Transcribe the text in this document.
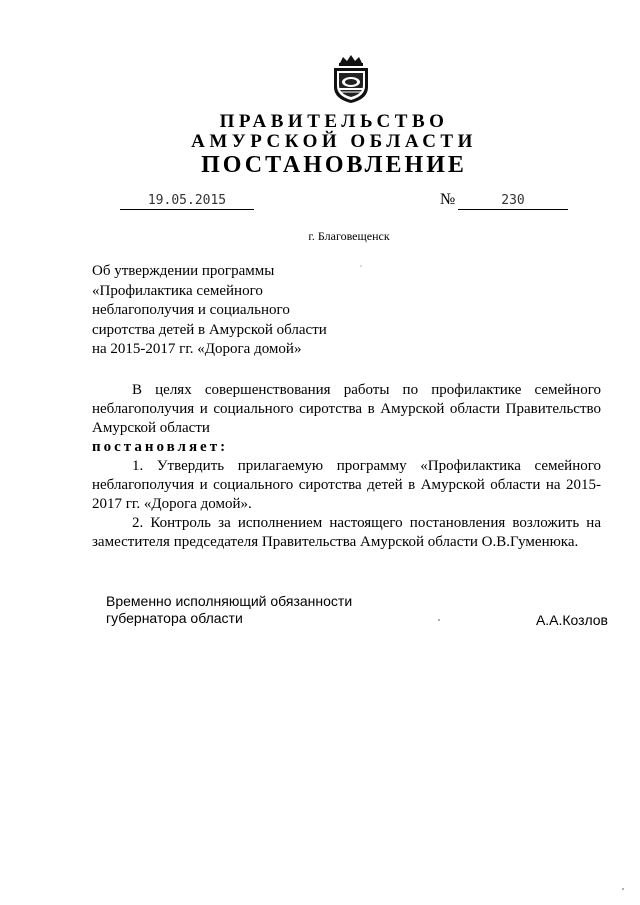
ПРАВИТЕЛЬСТВО
АМУРСКОЙ ОБЛАСТИ
ПОСТАНОВЛЕНИЕ
19.05.2015	№	230
г. Благовещенск
Об утверждении программы «Профилактика семейного неблагополучия и социального сиротства детей в Амурской области на 2015-2017 гг. «Дорога домой»

В целях совершенствования работы по профилактике семейного неблагополучия и социального сиротства в Амурской области Правительство Амурской области

постановляет:

1. Утвердить прилагаемую программу «Профилактика семейного неблагополучия и социального сиротства детей в Амурской области на 2015-2017 гг. «Дорога домой».

2. Контроль за исполнением настоящего постановления возложить на заместителя председателя Правительства Амурской области О.В.Гуменюка.

Временно исполняющий обязанности
губернатора области	А.А.Козлов
